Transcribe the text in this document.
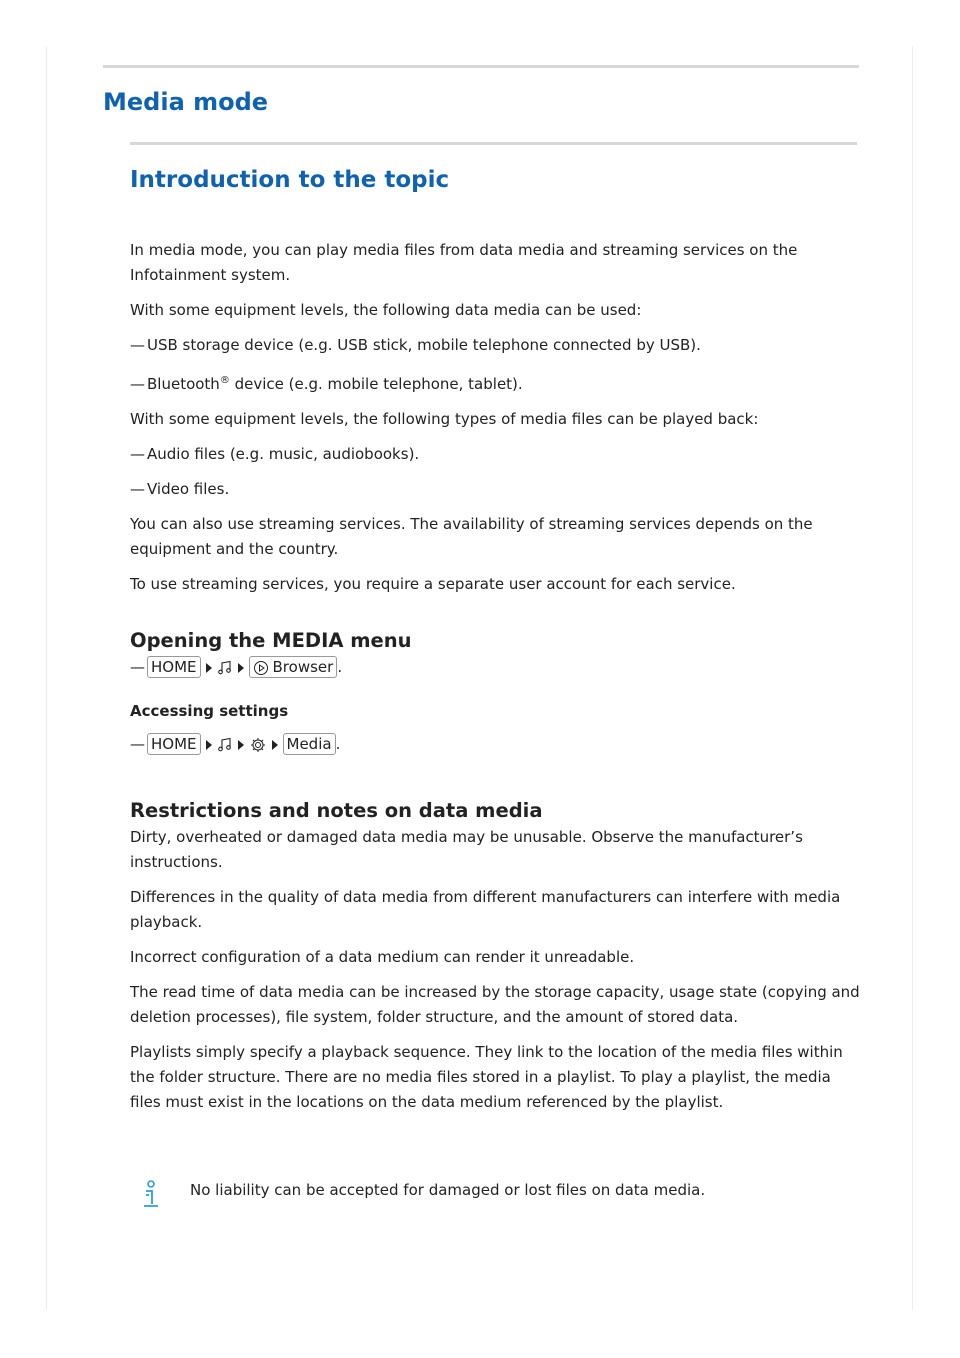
Media mode
Introduction to the topic

In media mode, you can play media files from data media and streaming services on the Infotainment system.

With some equipment levels, the following data media can be used:

— USB storage device (e.g. USB stick, mobile telephone connected by USB).

— Bluetooth® device (e.g. mobile telephone, tablet).

With some equipment levels, the following types of media files can be played back:

— Audio files (e.g. music, audiobooks).

— Video files.

You can also use streaming services. The availability of streaming services depends on the equipment and the country.

To use streaming services, you require a separate user account for each service.

Opening the MEDIA menu

— HOME	Browser .

Accessing settings

— HOME	Media .

Restrictions and notes on data media

Dirty, overheated or damaged data media may be unusable. Observe the manufacturer’s instructions.

Differences in the quality of data media from different manufacturers can interfere with media playback.

Incorrect configuration of a data medium can render it unreadable.

The read time of data media can be increased by the storage capacity, usage state (copying and deletion processes), file system, folder structure, and the amount of stored data.

Playlists simply specify a playback sequence. They link to the location of the media files within the folder structure. There are no media files stored in a playlist. To play a playlist, the media files must exist in the locations on the data medium referenced by the playlist.

No liability can be accepted for damaged or lost files on data media.
